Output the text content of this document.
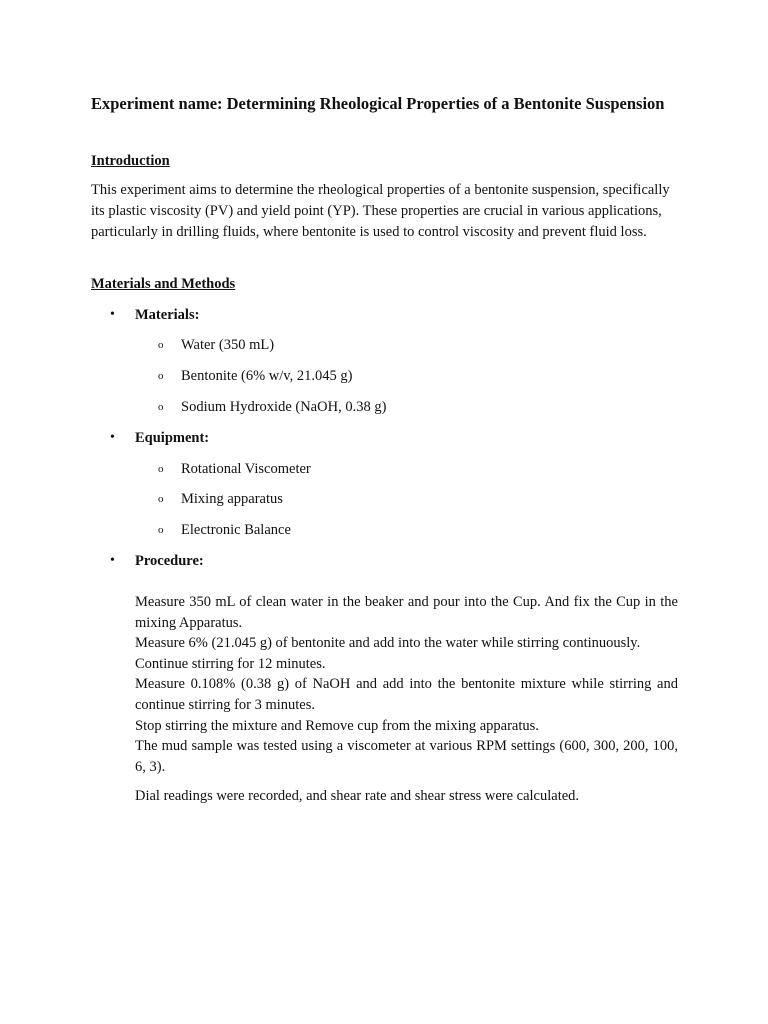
Experiment name: Determining Rheological Properties of a Bentonite Suspension
Introduction

This experiment aims to determine the rheological properties of a bentonite suspension, specifically its plastic viscosity (PV) and yield point (YP). These properties are crucial in various applications, particularly in drilling fluids, where bentonite is used to control viscosity and prevent fluid loss.

Materials and Methods
• Materials:
o Water (350 mL)
o Bentonite (6% w/v, 21.045 g)
o Sodium Hydroxide (NaOH, 0.38 g)
• Equipment:
o Rotational Viscometer
o Mixing apparatus
o Electronic Balance
• Procedure:
Measure 350 mL of clean water in the beaker and pour into the Cup. And fix the Cup in the mixing Apparatus.
Measure 6% (21.045 g) of bentonite and add into the water while stirring continuously.
Continue stirring for 12 minutes.
Measure 0.108% (0.38 g) of NaOH and add into the bentonite mixture while stirring and continue stirring for 3 minutes.
Stop stirring the mixture and Remove cup from the mixing apparatus.
The mud sample was tested using a viscometer at various RPM settings (600, 300, 200, 100, 6, 3).

Dial readings were recorded, and shear rate and shear stress were calculated.
